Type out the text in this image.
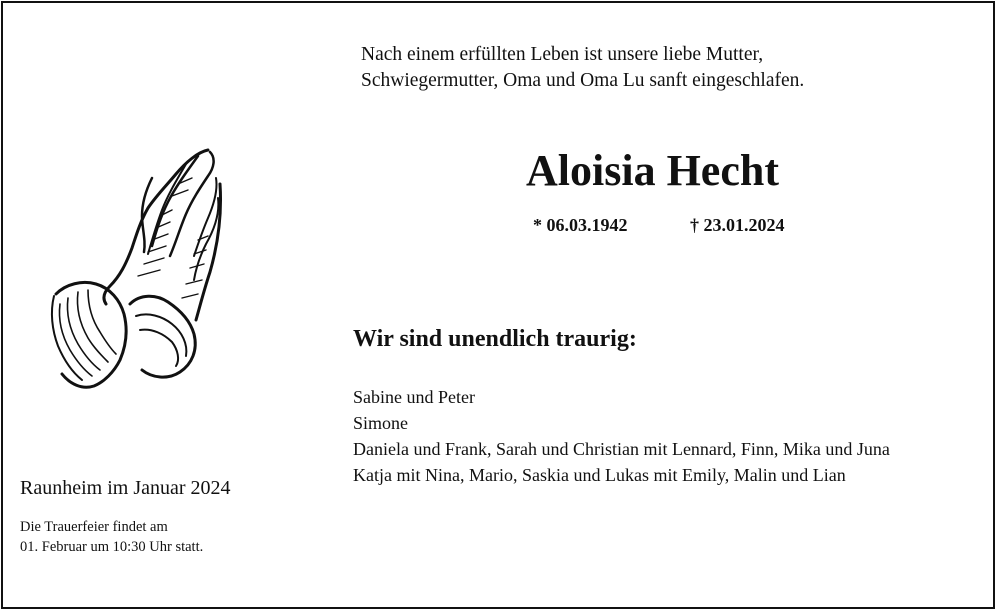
Nach einem erfüllten Leben ist unsere liebe Mutter,
Schwiegermutter, Oma und Oma Lu sanft eingeschlafen.
Aloisia Hecht
* 06.03.1942	† 23.01.2024
Wir sind unendlich traurig:
Sabine und Peter
Simone
Daniela und Frank, Sarah und Christian mit Lennard, Finn, Mika und Juna
Katja mit Nina, Mario, Saskia und Lukas mit Emily, Malin und Lian
Raunheim im Januar 2024
Die Trauerfeier findet am
01. Februar um 10:30 Uhr statt.
